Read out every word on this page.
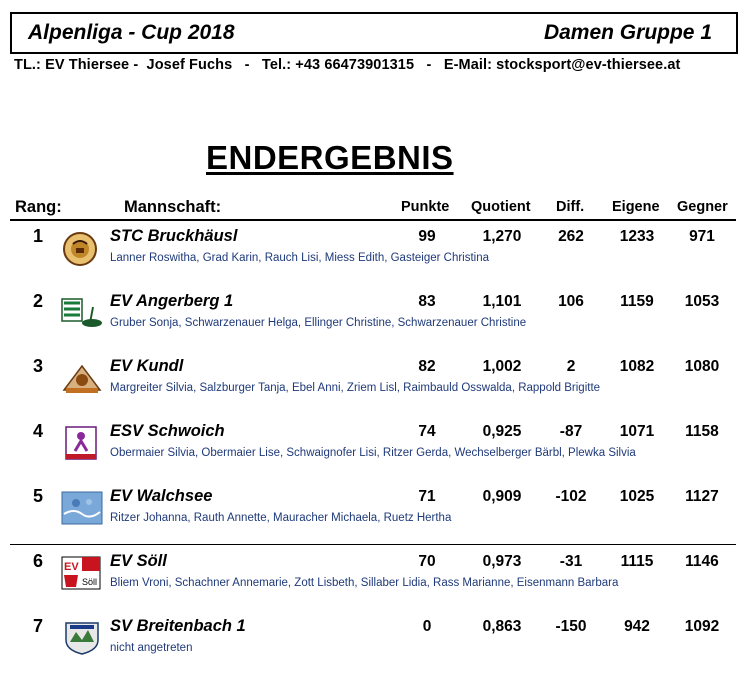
Alpenliga - Cup 2018	Damen Gruppe 1
TL.: EV Thiersee -  Josef Fuchs   -   Tel.: +43 66473901315   -   E-Mail: stocksport@ev-thiersee.at
ENDERGEBNIS
Rang:	Mannschaft:	Punkte Quotient Diff. Eigene Gegner
1	STC Bruckhäusl
Lanner Roswitha, Grad Karin, Rauch Lisi, Miess Edith, Gasteiger Christina
99	1,270	262	1233	971
2	EV Angerberg 1
Gruber Sonja, Schwarzenauer Helga, Ellinger Christine, Schwarzenauer Christine
83	1,101	106	1159	1053
3	EV Kundl
Margreiter Silvia, Salzburger Tanja, Ebel Anni, Zriem Lisl, Raimbauld Osswalda, Rappold Brigitte
82	1,002	2	1082	1080
4	ESV Schwoich
Obermaier Silvia, Obermaier Lise, Schwaignofer Lisi, Ritzer Gerda, Wechselberger Bärbl, Plewka Silvia
74	0,925	-87	1071	1158
5	EV Walchsee
Ritzer Johanna, Rauth Annette, Mauracher Michaela, Ruetz Hertha
71	0,909	-102	1025	1127
6 EV
Söll
EV Söll
Bliem Vroni, Schachner Annemarie, Zott Lisbeth, Sillaber Lidia, Rass Marianne, Eisenmann Barbara
70	0,973	-31	1115	1146
7	SV Breitenbach 1
nicht angetreten
0	0,863	-150	942	1092
